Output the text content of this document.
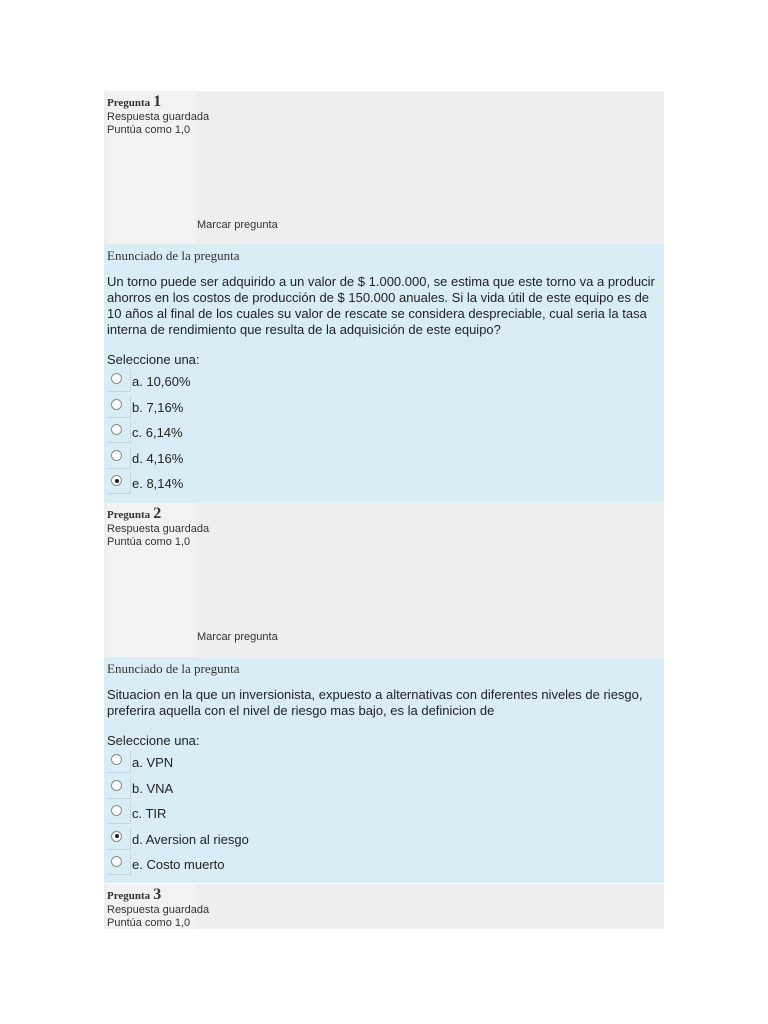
Pregunta 1
Respuesta guardada
Puntúa como 1,0
Marcar pregunta
Enunciado de la pregunta
Un torno puede ser adquirido a un valor de $ 1.000.000, se estima que este torno va a producir ahorros en los costos de producción de $ 150.000 anuales. Si la vida útil de este equipo es de 10 años al final de los cuales su valor de rescate se considera despreciable, cual seria la tasa interna de rendimiento que resulta de la adquisición de este equipo?
Seleccione una:
a. 10,60%
b. 7,16%
c. 6,14%
d. 4,16%
e. 8,14%
Pregunta 2
Respuesta guardada
Puntúa como 1,0
Marcar pregunta
Enunciado de la pregunta
Situacion en la que un inversionista, expuesto a alternativas con diferentes niveles de riesgo, preferira aquella con el nivel de riesgo mas bajo, es la definicion de
Seleccione una:
a. VPN
b. VNA
c. TIR
d. Aversion al riesgo
e. Costo muerto
Pregunta 3
Respuesta guardada
Puntúa como 1,0
